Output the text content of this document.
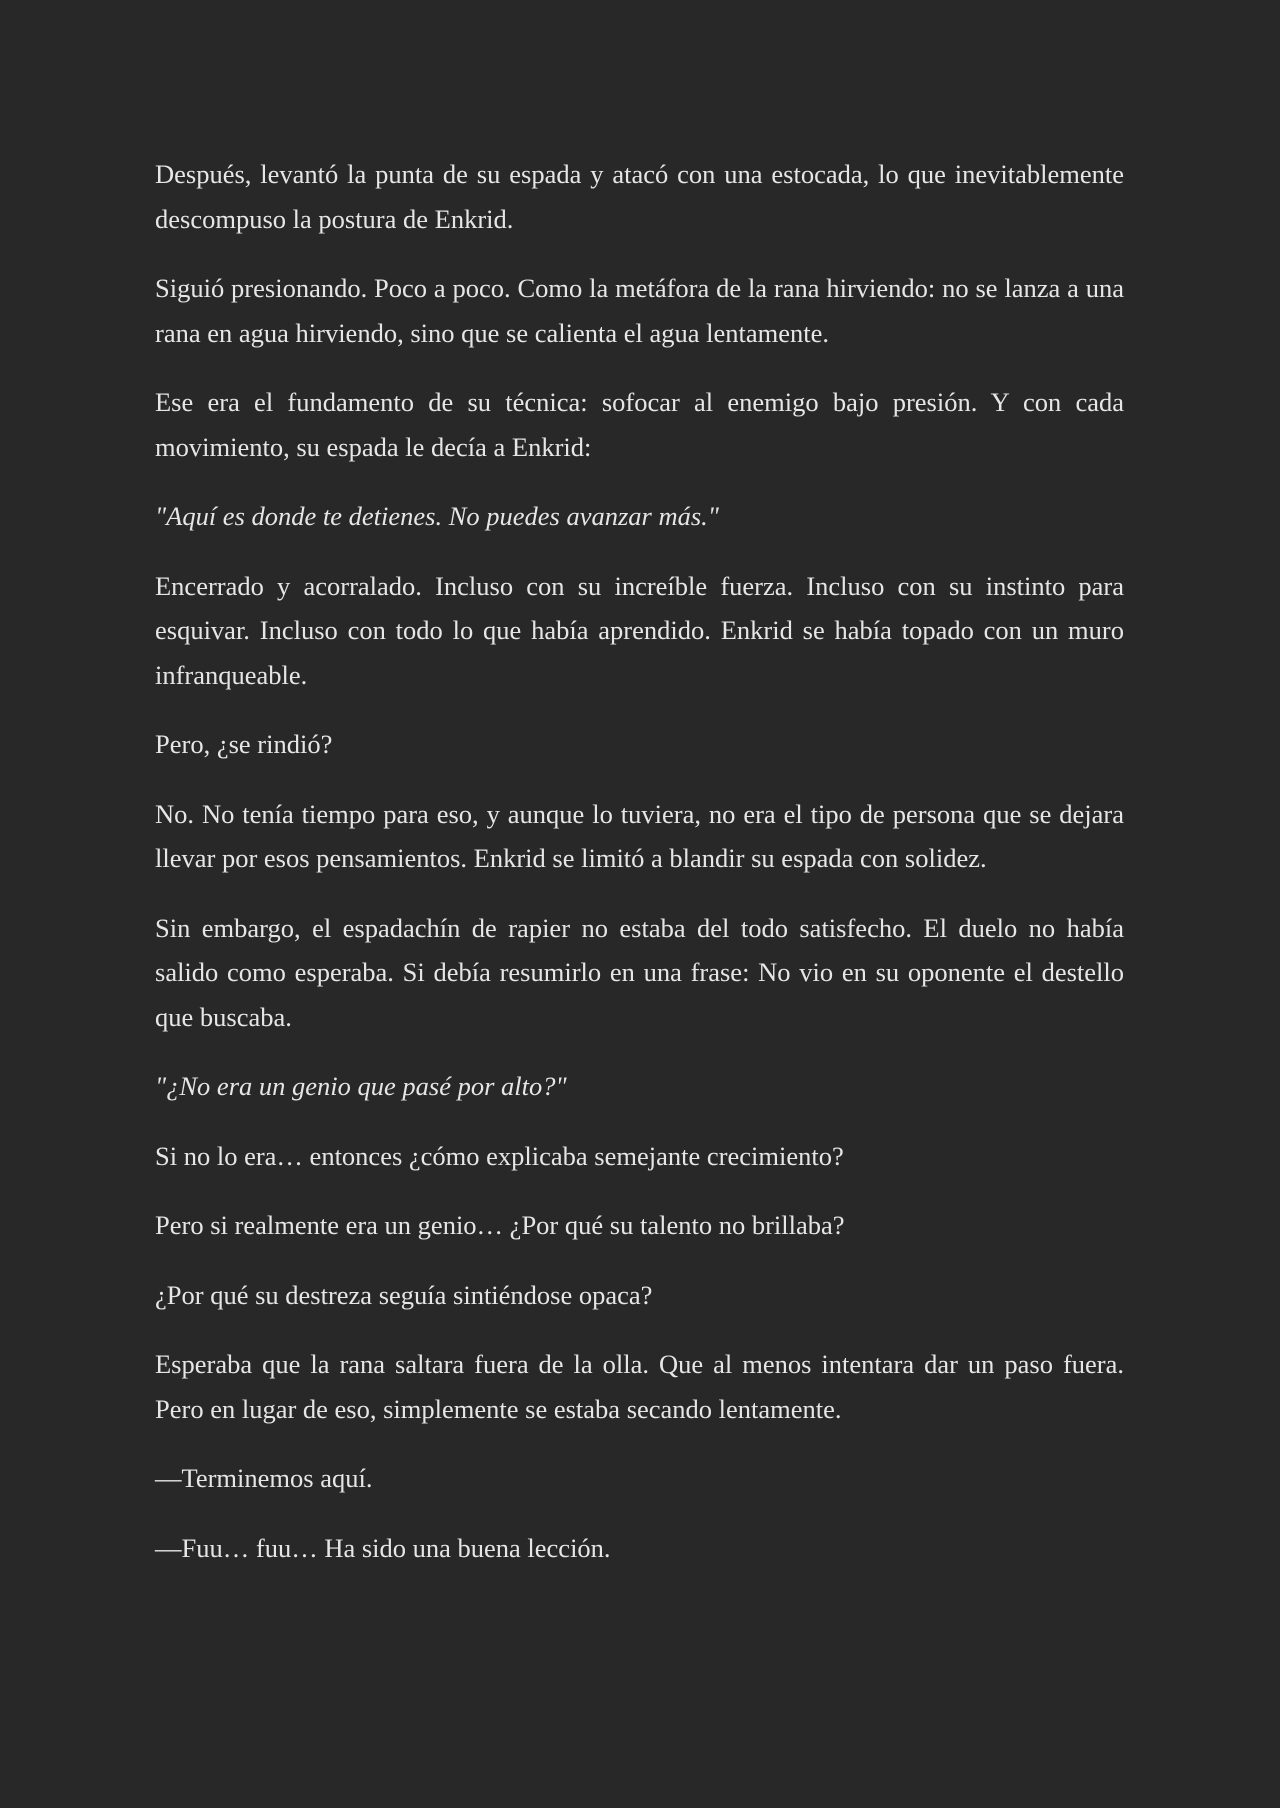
Después, levantó la punta de su espada y atacó con una estocada, lo que inevitablemente descompuso la postura de Enkrid.

Siguió presionando. Poco a poco. Como la metáfora de la rana hirviendo: no se lanza a una rana en agua hirviendo, sino que se calienta el agua lentamente.

Ese era el fundamento de su técnica: sofocar al enemigo bajo presión. Y con cada movimiento, su espada le decía a Enkrid:

"Aquí es donde te detienes. No puedes avanzar más."

Encerrado y acorralado. Incluso con su increíble fuerza. Incluso con su instinto para esquivar. Incluso con todo lo que había aprendido. Enkrid se había topado con un muro infranqueable.

Pero, ¿se rindió?

No. No tenía tiempo para eso, y aunque lo tuviera, no era el tipo de persona que se dejara llevar por esos pensamientos. Enkrid se limitó a blandir su espada con solidez.

Sin embargo, el espadachín de rapier no estaba del todo satisfecho. El duelo no había salido como esperaba. Si debía resumirlo en una frase: No vio en su oponente el destello que buscaba.

"¿No era un genio que pasé por alto?"

Si no lo era… entonces ¿cómo explicaba semejante crecimiento?

Pero si realmente era un genio… ¿Por qué su talento no brillaba?

¿Por qué su destreza seguía sintiéndose opaca?

Esperaba que la rana saltara fuera de la olla. Que al menos intentara dar un paso fuera. Pero en lugar de eso, simplemente se estaba secando lentamente.

—Terminemos aquí.

—Fuu… fuu… Ha sido una buena lección.
